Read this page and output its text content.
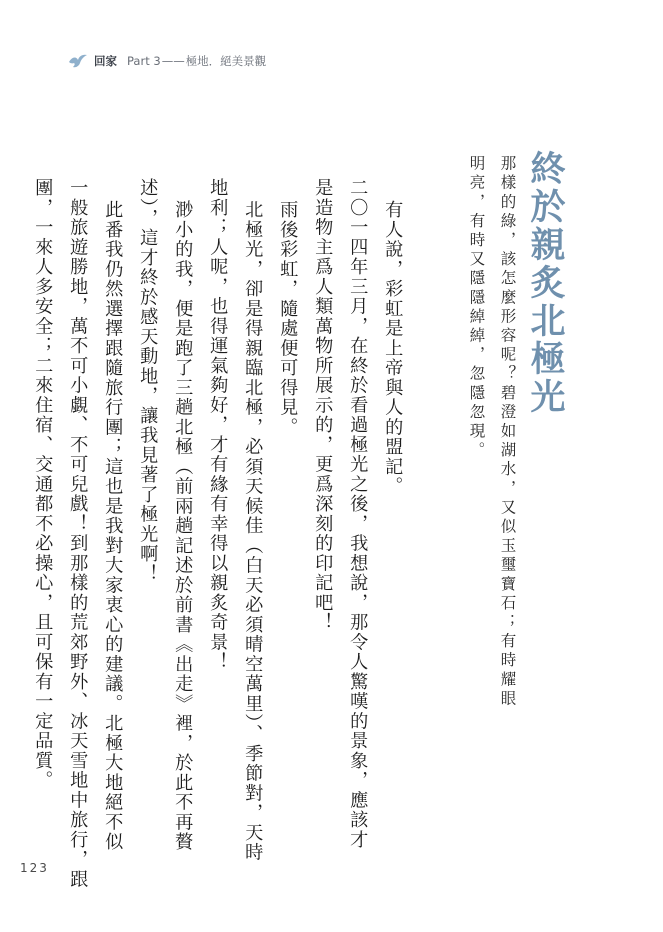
回家 Part 3 —— 極地．絕美景觀
終於親炙北極光
那樣的綠，該怎麼形容呢？碧澄如湖水，又似玉璽寶石；有時耀眼
明亮，有時又隱隱綽綽，忽隱忽現。
有人說，彩虹是上帝與人的盟記。
二〇一四年三月，在終於看過極光之後，我想說，那令人驚嘆的景象，應該才
是造物主爲人類萬物所展示的，更爲深刻的印記吧！
雨後彩虹，隨處便可得見。
北極光，卻是得親臨北極，必須天候佳（白天必須晴空萬里）、季節對，天時
地利；人呢，也得運氣夠好，才有緣有幸得以親炙奇景！
渺小的我，便是跑了三趟北極（前兩趟記述於前書《出走》裡，於此不再贅
述），這才終於感天動地，讓我見著了極光啊！
此番我仍然選擇跟隨旅行團；這也是我對大家衷心的建議。北極大地絕不似
一般旅遊勝地，萬不可小覷、不可兒戲！到那樣的荒郊野外、冰天雪地中旅行，跟
團，一來人多安全；二來住宿、交通都不必操心，且可保有一定品質。
123
